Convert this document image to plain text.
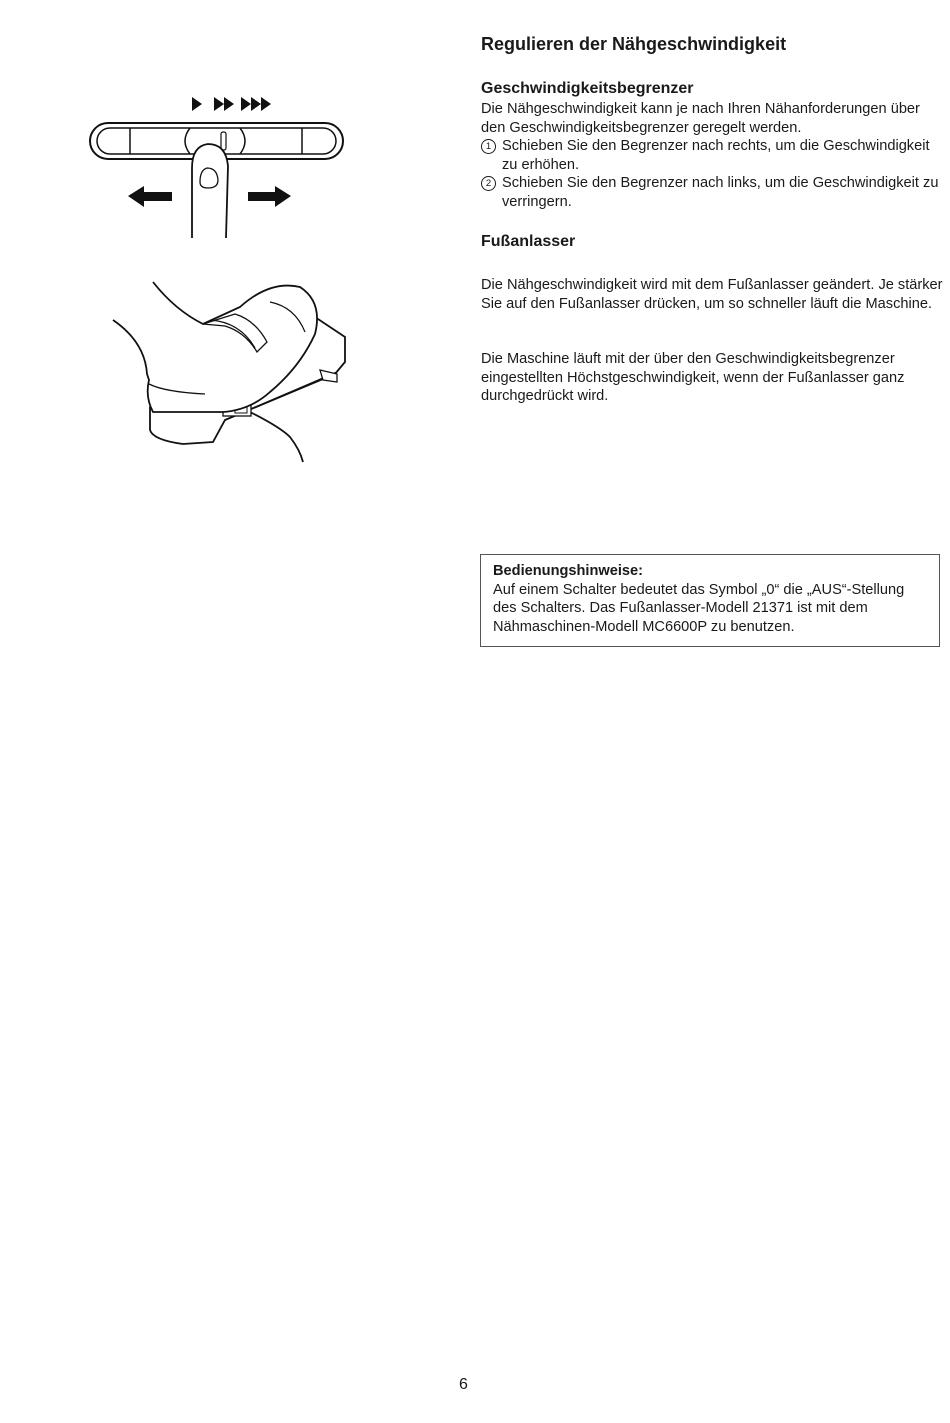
Regulieren der Nähgeschwindigkeit
Geschwindigkeitsbegrenzer

Die Nähgeschwindigkeit kann je nach Ihren Nähanforderungen über den Geschwindigkeitsbegrenzer geregelt werden.

1 Schieben Sie den Begrenzer nach rechts, um die Geschwindigkeit zu erhöhen.
2 Schieben Sie den Begrenzer nach links, um die Geschwindigkeit zu verringern.
Fußanlasser

Die Nähgeschwindigkeit wird mit dem Fußanlasser geändert. Je stärker Sie auf den Fußanlasser drücken, um so schneller läuft die Maschine.

Die Maschine läuft mit der über den Geschwindigkeitsbegrenzer eingestellten Höchstgeschwindigkeit, wenn der Fußanlasser ganz durchgedrückt wird.

Bedienungshinweise:
Auf einem Schalter bedeutet das Symbol „0“ die „AUS“-Stellung des Schalters. Das Fußanlasser-Modell 21371 ist mit dem Nähmaschinen-Modell MC6600P zu benutzen.
6
